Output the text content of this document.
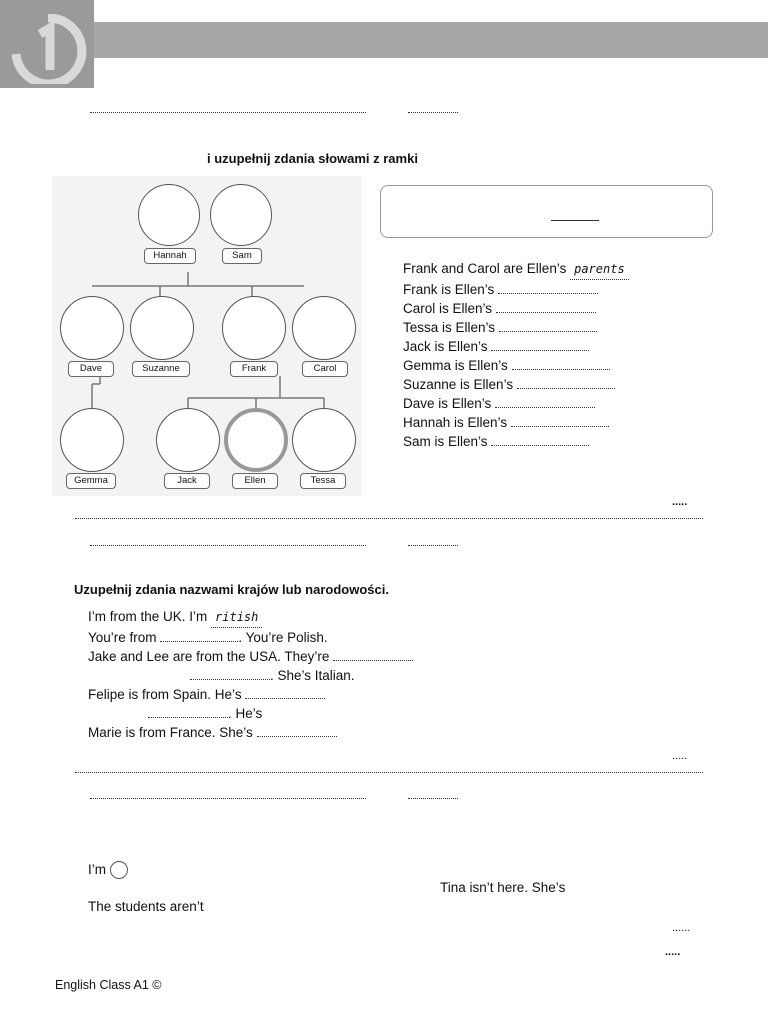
i uzupełnij zdania słowami z ramki
Hannah	Sam
Dave	Suzanne	Frank	Carol
Gemma	Jack	Ellen	Tessa
Frank and Carol are Ellen’s parents
Frank is Ellen’s
Carol is Ellen’s
Tessa is Ellen’s
Jack is Ellen’s
Gemma is Ellen’s
Suzanne is Ellen’s
Dave is Ellen’s
Hannah is Ellen’s
Sam is Ellen’s
.....
Uzupełnij zdania nazwami krajów lub narodowości.
I’m from the UK. I’m ritish
You’re from	. You’re Polish.
Jake and Lee are from the USA. They’re
. She’s Italian.
Felipe is from Spain. He’s
. He’s
Marie is from France. She’s
.....
I’m
Tina isn’t here. She’s
The students aren’t
......
.....
English Class A1 ©
